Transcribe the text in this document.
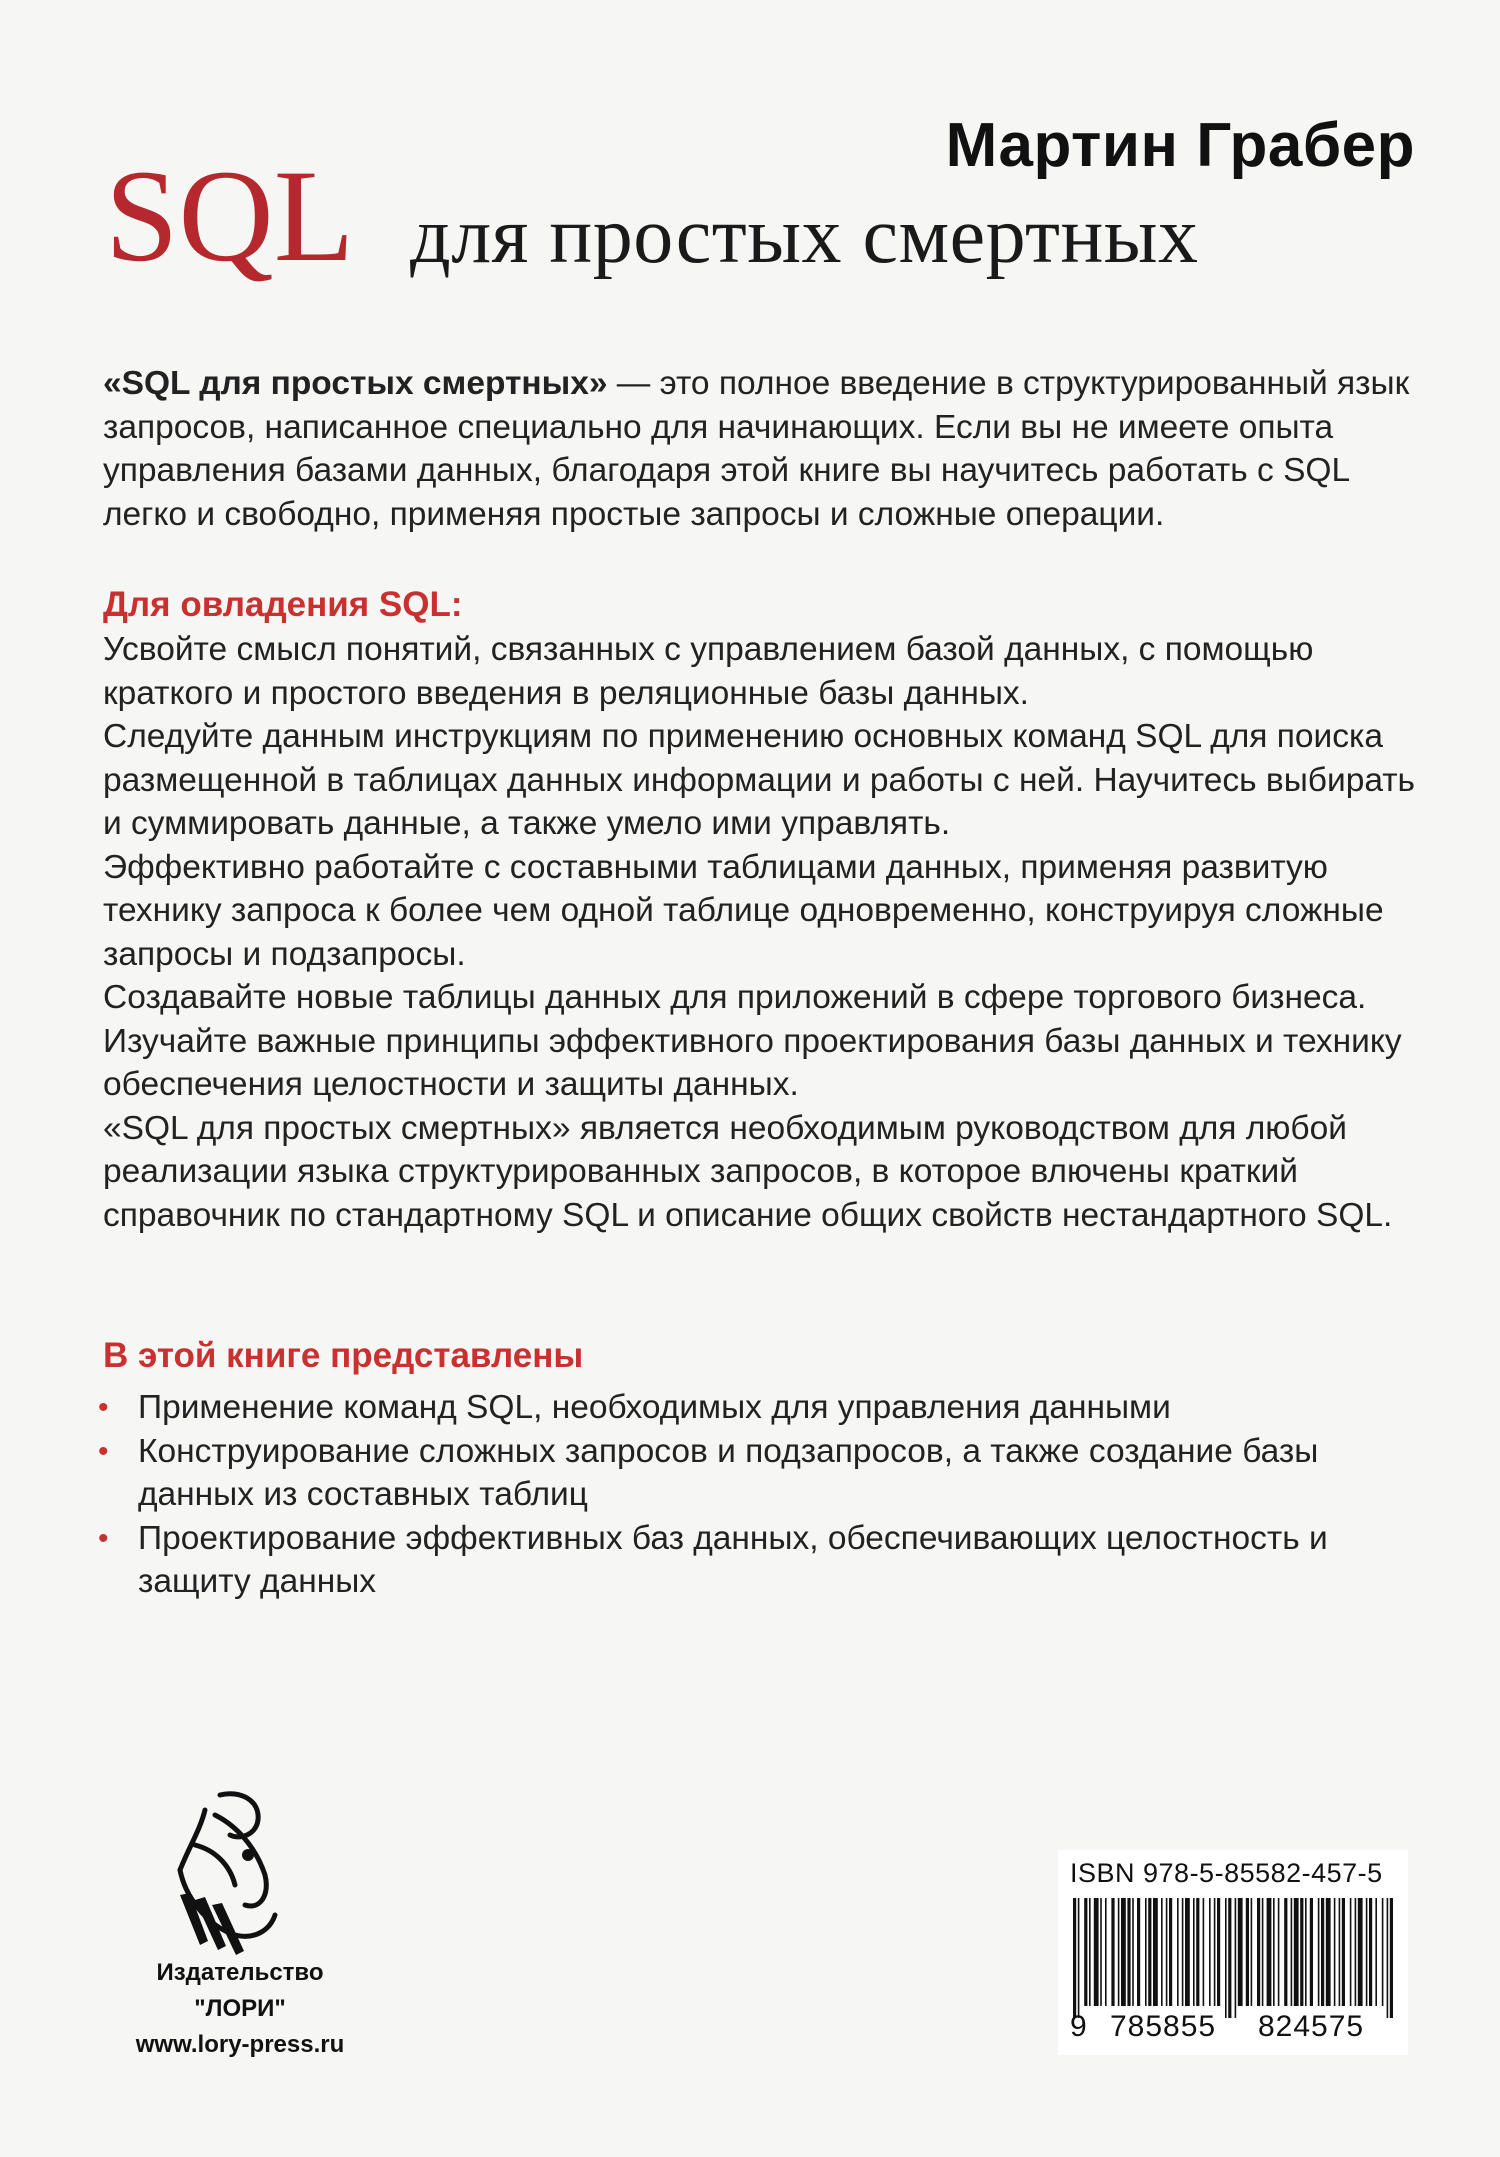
Мартин Грабер
SQL для простых смертных
«SQL для простых смертных» — это полное введение в структурированный язык запросов, написанное специально для начинающих. Если вы не имеете опыта управления базами данных, благодаря этой книге вы научитесь работать с SQL легко и свободно, применяя простые запросы и сложные операции.
Для овладения SQL:

Усвойте смысл понятий, связанных с управлением базой данных, с помощью краткого и простого введения в реляционные базы данных.

Следуйте данным инструкциям по применению основных команд SQL для поиска размещенной в таблицах данных информации и работы с ней. Научитесь выбирать и суммировать данные, а также умело ими управлять.

Эффективно работайте с составными таблицами данных, применяя развитую технику запроса к более чем одной таблице одновременно, конструируя сложные запросы и подзапросы.

Создавайте новые таблицы данных для приложений в сфере торгового бизнеса. Изучайте важные принципы эффективного проектирования базы данных и технику обеспечения целостности и защиты данных.

«SQL для простых смертных» является необходимым руководством для любой реализации языка структурированных запросов, в которое влючены краткий справочник по стандартному SQL и описание общих свойств нестандартного SQL.

В этой книге представлены
• Применение команд SQL, необходимых для управления данными
• Конструирование сложных запросов и подзапросов, а также создание базы данных из составных таблиц
• Проектирование эффективных баз данных, обеспечивающих целостность и защиту данных
Издательство
"ЛОРИ"
www.lory-press.ru
ISBN 978-5-85582-457-5
9 785855 824575
